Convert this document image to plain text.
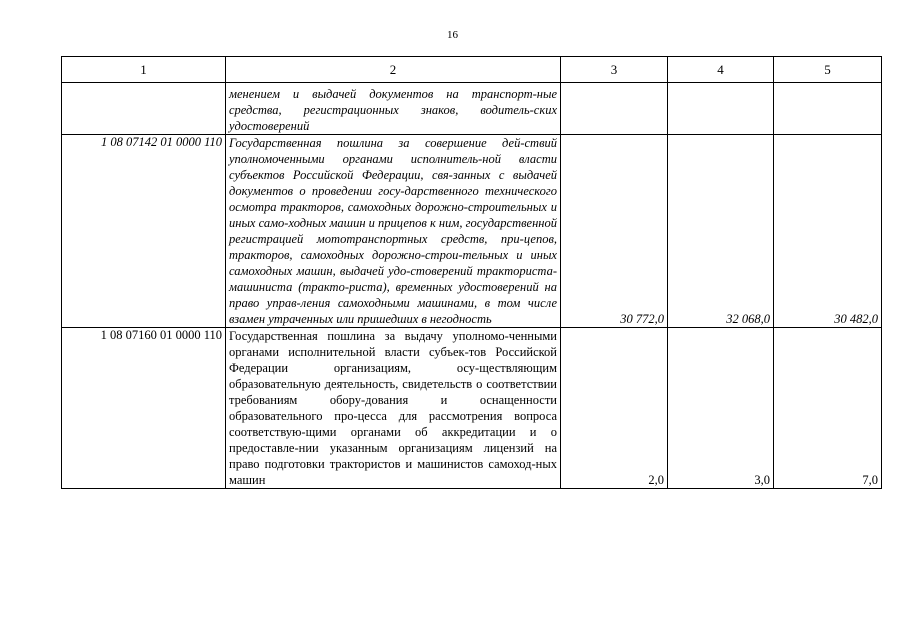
16
1	2	3	4	5
	менением и выдачей документов на транспорт-ные средства, регистрационных знаков, водитель-ских удостоверений			
1 08 07142 01 0000 110	Государственная пошлина за совершение дей-ствий уполномоченными органами исполнитель-ной власти субъектов Российской Федерации, свя-занных с выдачей документов о проведении госу-дарственного технического осмотра тракторов, самоходных дорожно-строительных и иных само-ходных машин и прицепов к ним, государственной регистрацией мототранспортных средств, при-цепов, тракторов, самоходных дорожно-строи-тельных и иных самоходных машин, выдачей удо-стоверений тракториста-машиниста (тракто-риста), временных удостоверений на право управ-ления самоходными машинами, в том числе взамен утраченных или пришедших в негодность	30 772,0	32 068,0	30 482,0
1 08 07160 01 0000 110	Государственная пошлина за выдачу уполномо-ченными органами исполнительной власти субъек-тов Российской Федерации организациям, осу-ществляющим образовательную деятельность, свидетельств о соответствии требованиям обору-дования и оснащенности образовательного про-цесса для рассмотрения вопроса соответствую-щими органами об аккредитации и о предоставле-нии указанным организациям лицензий на право подготовки трактористов и машинистов самоход-ных машин	2,0	3,0	7,0
